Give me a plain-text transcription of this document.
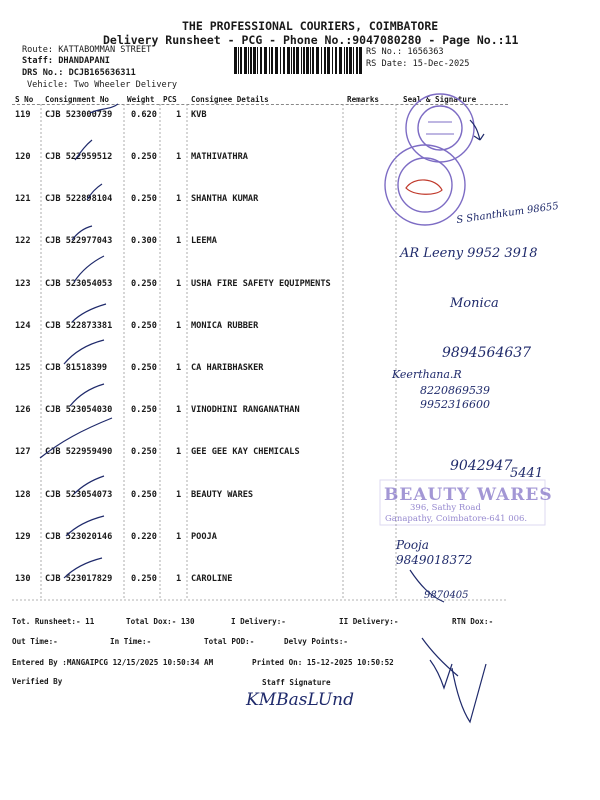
THE PROFESSIONAL COURIERS, COIMBATORE
Delivery Runsheet - PCG - Phone No.:9047080280 - Page No.:11
Route: KATTABOMMAN STREET
Staff: DHANDAPANI
DRS No.: DCJB165636311
Vehicle: Two Wheeler Delivery
RS No.: 1656363
RS Date: 15-Dec-2025
S No Consignment No Weight PCS Consignee Details	Remarks	Seal & Signature
119 CJB 523000739 0.620 1 KVB
120 CJB 522959512 0.250 1 MATHIVATHRA
121 CJB 522898104 0.250 1 SHANTHA KUMAR
122 CJB 522977043 0.300 1 LEEMA
123 CJB 523054053 0.250 1 USHA FIRE SAFETY EQUIPMENTS
124 CJB 522873381 0.250 1 MONICA RUBBER
125 CJB 81518399	0.250 1 CA HARIBHASKER
126 CJB 523054030 0.250 1 VINODHINI RANGANATHAN
127 CJB 522959490 0.250 1 GEE GEE KAY CHEMICALS
128 CJB 523054073 0.250 1 BEAUTY WARES
129 CJB 523020146 0.220 1 POOJA
130 CJB 523017829 0.250 1 CAROLINE
Tot. Runsheet:- 11	Total Dox:- 130	I Delivery:-	II Delivery:-	RTN Dox:-
Out Time:-	In Time:-	Total POD:-	Delvy Points:-
Entered By :MANGAIPCG 12/15/2025 10:50:34 AM	Printed On: 15-12-2025 10:50:52
Verified By	Staff Signature
BEAUTY WARES
396, Sathy Road
Ganapathy, Coimbatore-641 006.
S Shanthkum 98655
AR Leeny 9952 3918
Monica
9894564637
Keerthana.R
8220869539
9952316600
9042947
5441
Pooja
9849018372
9870405
KMBasLUnd
